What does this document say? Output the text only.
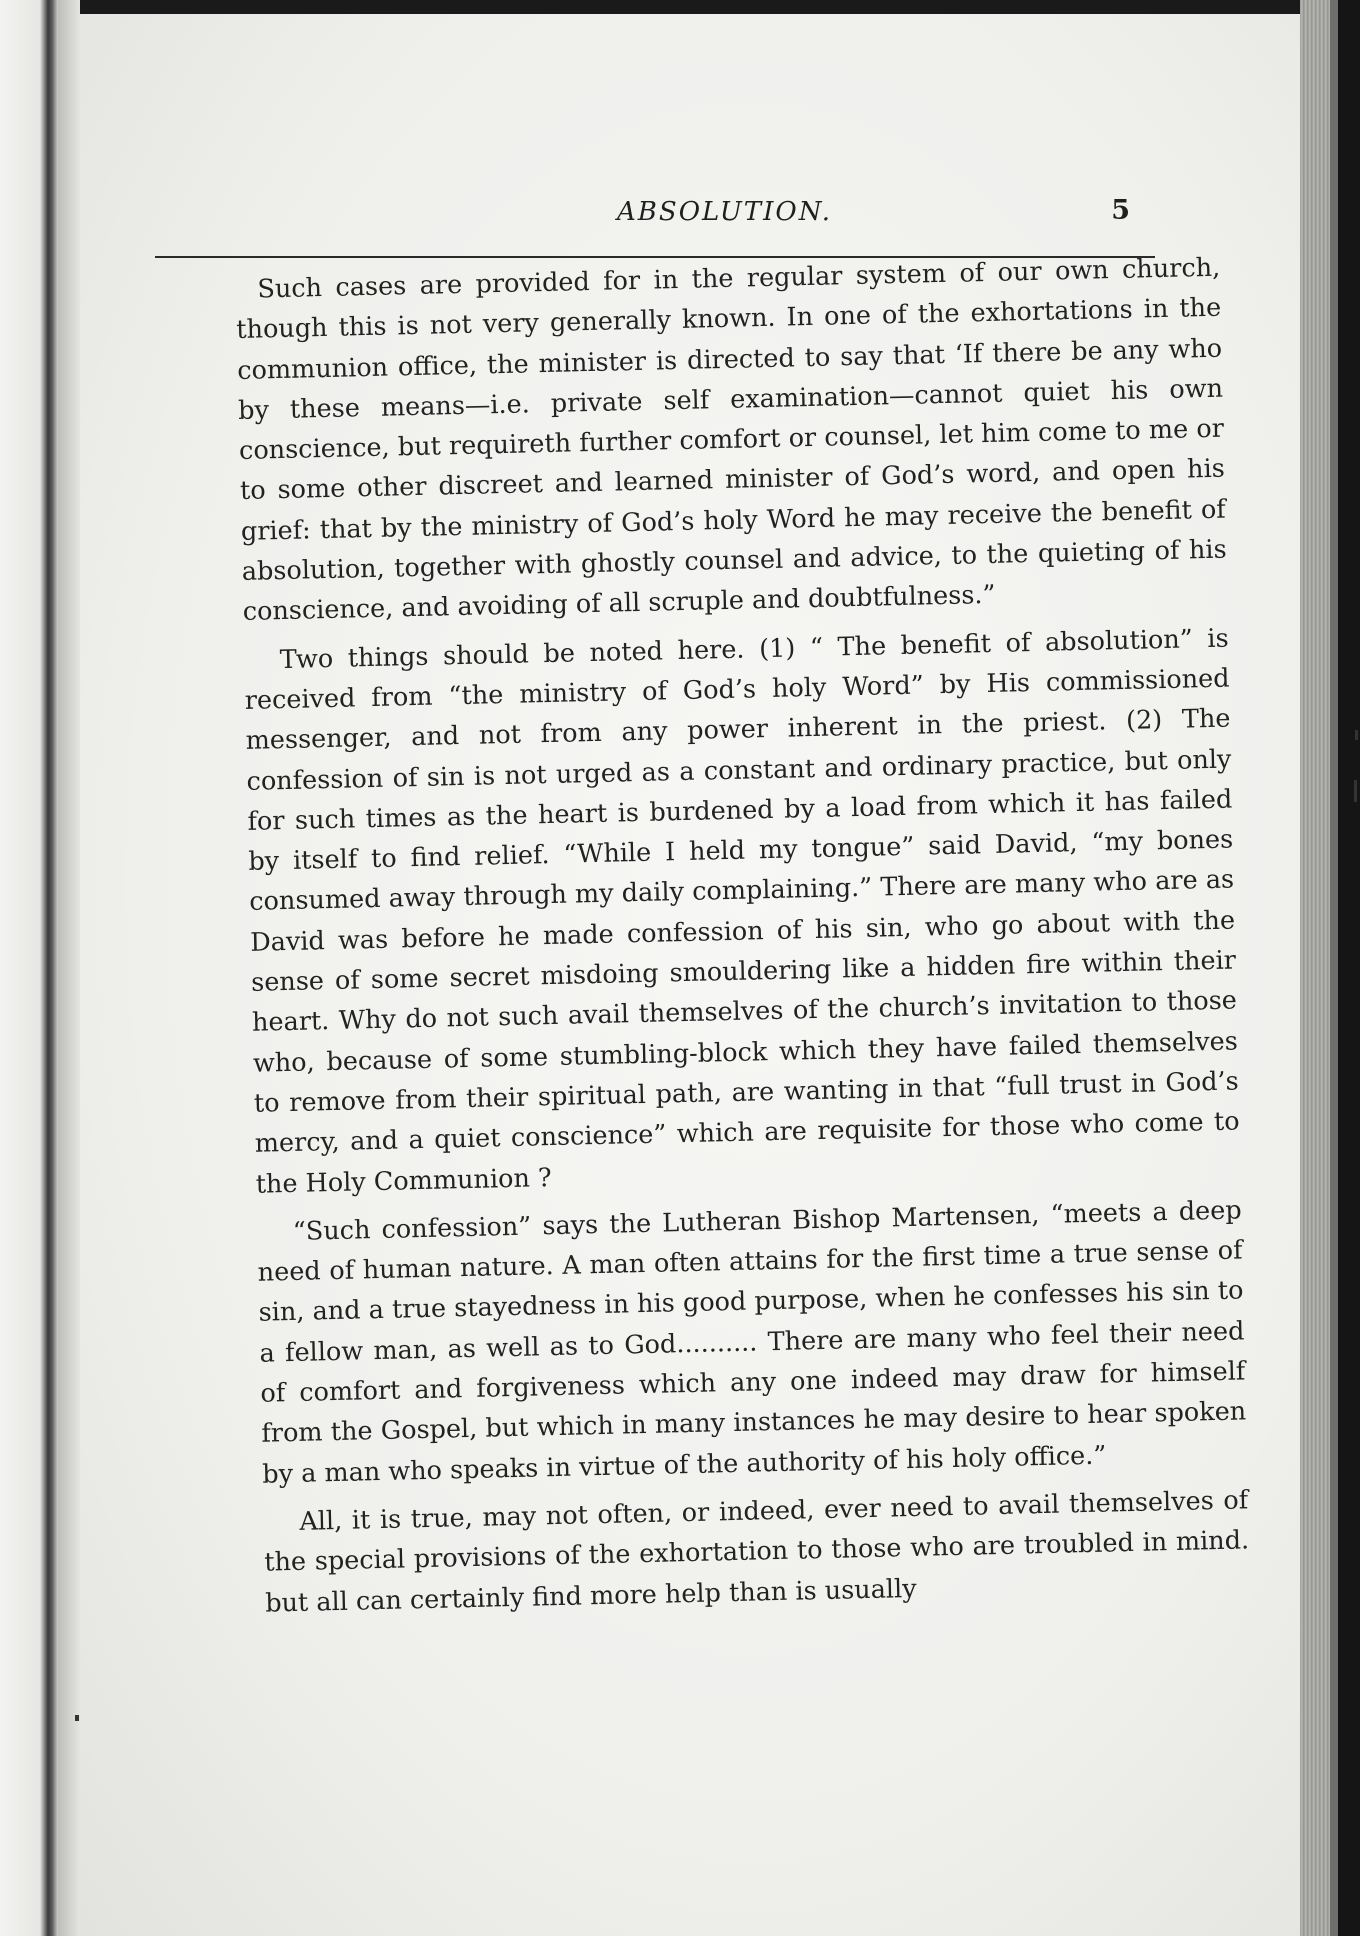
ABSOLUTION.	5

Such cases are provided for in the regular system of our own church, though this is not very generally known. In one of the exhortations in the communion office, the minister is directed to say that ‘If there be any who by these means—i.e. private self examination—cannot quiet his own conscience, but requireth further comfort or counsel, let him come to me or to some other discreet and learned minister of God’s word, and open his grief: that by the ministry of God’s holy Word he may receive the benefit of absolution, together with ghostly counsel and advice, to the quieting of his conscience, and avoiding of all scruple and doubtfulness.”

Two things should be noted here. (1) “ The benefit of absolution” is received from “the ministry of God’s holy Word” by His commissioned messenger, and not from any power inherent in the priest. (2) The confession of sin is not urged as a constant and ordinary practice, but only for such times as the heart is burdened by a load from which it has failed by itself to find relief. “While I held my tongue” said David, “my bones consumed away through my daily complaining.” There are many who are as David was before he made confession of his sin, who go about with the sense of some secret misdoing smouldering like a hidden fire within their heart. Why do not such avail themselves of the church’s invitation to those who, because of some stumbling-block which they have failed themselves to remove from their spiritual path, are wanting in that “full trust in God’s mercy, and a quiet conscience” which are requisite for those who come to the Holy Communion ?

“Such confession” says the Lutheran Bishop Martensen, “meets a deep need of human nature. A man often attains for the first time a true sense of sin, and a true stayedness in his good purpose, when he confesses his sin to a fellow man, as well as to God.......... There are many who feel their need of comfort and forgiveness which any one indeed may draw for himself from the Gospel, but which in many instances he may desire to hear spoken by a man who speaks in virtue of the authority of his holy office.”

All, it is true, may not often, or indeed, ever need to avail themselves of the special provisions of the exhortation to those who are troubled in mind. but all can certainly find more help than is usually
